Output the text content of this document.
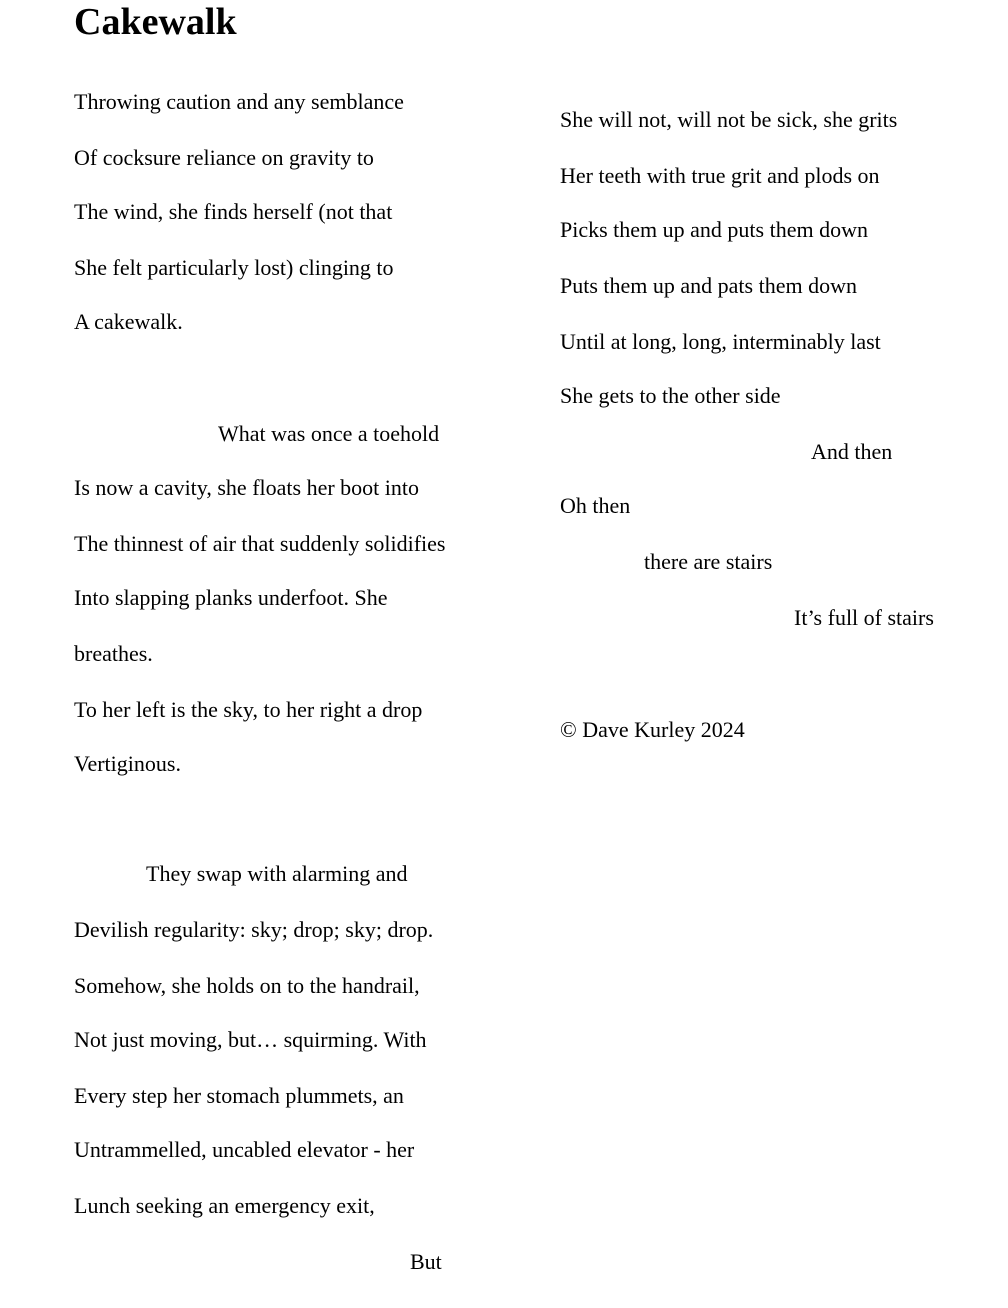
Cakewalk
Throwing caution and any semblance
Of cocksure reliance on gravity to
The wind, she finds herself (not that
She felt particularly lost) clinging to
A cakewalk.
What was once a toehold
Is now a cavity, she floats her boot into
The thinnest of air that suddenly solidifies
Into slapping planks underfoot. She
breathes.
To her left is the sky, to her right a drop
Vertiginous.
They swap with alarming and
Devilish regularity: sky; drop; sky; drop.
Somehow, she holds on to the handrail,
Not just moving, but… squirming. With
Every step her stomach plummets, an
Untrammelled, uncabled elevator - her
Lunch seeking an emergency exit,
But
She will not, will not be sick, she grits
Her teeth with true grit and plods on
Picks them up and puts them down
Puts them up and pats them down
Until at long, long, interminably last
She gets to the other side
And then
Oh then
there are stairs
It’s full of stairs
© Dave Kurley 2024
